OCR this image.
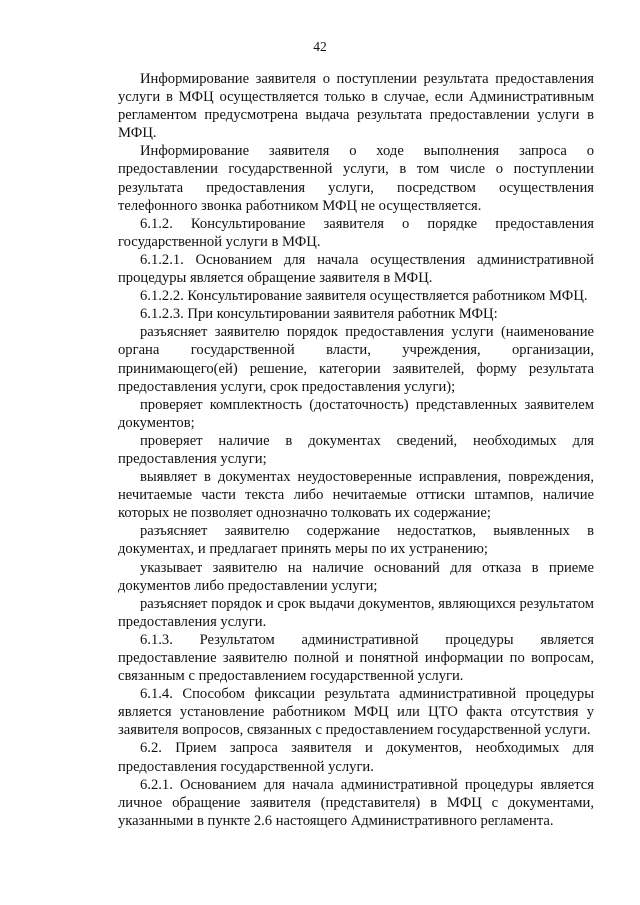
42

Информирование заявителя о поступлении результата предоставления услуги в МФЦ осуществляется только в случае, если Административным регламентом предусмотрена выдача результата предоставлении услуги в МФЦ.

Информирование заявителя о ходе выполнения запроса о предоставлении государственной услуги, в том числе о поступлении результата предоставления услуги, посредством осуществления телефонного звонка работником МФЦ не осуществляется.

6.1.2. Консультирование заявителя о порядке предоставления государственной услуги в МФЦ.

6.1.2.1. Основанием для начала осуществления административной процедуры является обращение заявителя в МФЦ.

6.1.2.2. Консультирование заявителя осуществляется работником МФЦ.

6.1.2.3. При консультировании заявителя работник МФЦ:

разъясняет заявителю порядок предоставления услуги (наименование органа государственной власти, учреждения, организации, принимающего(ей) решение, категории заявителей, форму результата предоставления услуги, срок предоставления услуги);

проверяет комплектность (достаточность) представленных заявителем документов;

проверяет наличие в документах сведений, необходимых для предоставления услуги;

выявляет в документах неудостоверенные исправления, повреждения, нечитаемые части текста либо нечитаемые оттиски штампов, наличие которых не позволяет однозначно толковать их содержание;

разъясняет заявителю содержание недостатков, выявленных в документах, и предлагает принять меры по их устранению;

указывает заявителю на наличие оснований для отказа в приеме документов либо предоставлении услуги;

разъясняет порядок и срок выдачи документов, являющихся результатом предоставления услуги.

6.1.3. Результатом административной процедуры является предоставление заявителю полной и понятной информации по вопросам, связанным с предоставлением государственной услуги.

6.1.4. Способом фиксации результата административной процедуры является установление работником МФЦ или ЦТО факта отсутствия у заявителя вопросов, связанных с предоставлением государственной услуги.

6.2. Прием запроса заявителя и документов, необходимых для предоставления государственной услуги.

6.2.1. Основанием для начала административной процедуры является личное обращение заявителя (представителя) в МФЦ с документами, указанными в пункте 2.6 настоящего Административного регламента.
